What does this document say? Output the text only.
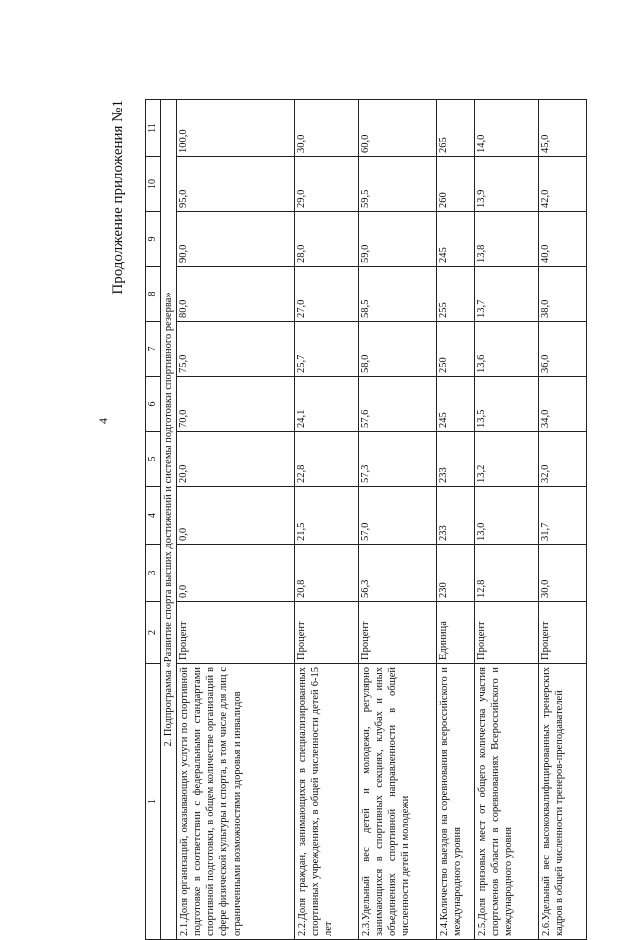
4
Продолжение приложения №1
1	2	3	4	5	6	7	8	9	10	11
2. Подпрограмма «Развитие спорта высших достижений и системы подготовки спортивного резерва»										
2.1.Доля организаций, оказывающих услуги по спортивной подготовке в соответствии с федеральными стандартами спортивной подготовки, в общем количестве организаций в сфере физической культуры и спорта, в том числе для лиц с ограниченными возможностями здоровья и инвалидов	Процент	0,0	0,0	20,0	70,0	75,0	80,0	90,0	95,0	100,0
2.2.Доля граждан, занимающихся в специализированных спортивных учреждениях, в общей численности детей 6-15 лет	Процент	20,8	21,5	22,8	24,1	25,7	27,0	28,0	29,0	30,0
2.3.Удельный вес детей и молодежи, регулярно занимающихся в спортивных секциях, клубах и иных объединениях спортивной направленности в общей численности детей и молодежи	Процент	56,3	57,0	57,3	57,6	58,0	58,5	59,0	59,5	60,0
2.4.Количество выездов на соревнования всероссийского и международного уровня	Единица	230	233	233	245	250	255	245	260	265
2.5.Доля призовых мест от общего количества участия спортсменов области в соревнованиях Всероссийского и международного уровня	Процент	12,8	13,0	13,2	13,5	13,6	13,7	13,8	13,9	14,0
2.6.Удельный вес высококвалифицированных тренерских кадров в общей численности тренеров-преподавателей	Процент	30,0	31,7	32,0	34,0	36,0	38,0	40,0	42,0	45,0
